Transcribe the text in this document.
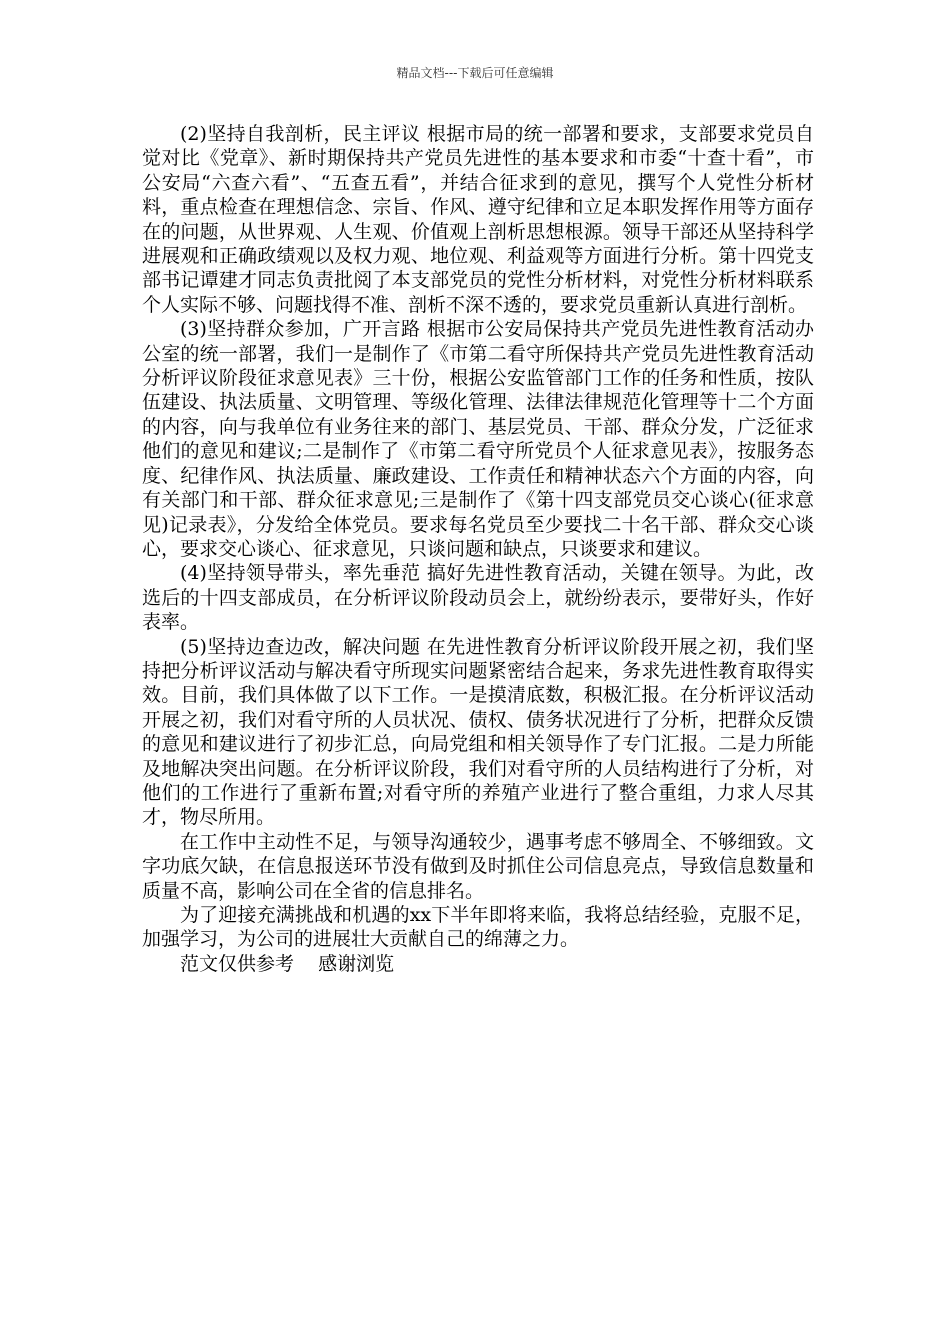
精品文档---下载后可任意编辑

(2)坚持自我剖析，民主评议 根据市局的统一部署和要求，支部要求党员自觉对比《党章》、新时期保持共产党员先进性的基本要求和市委“十查十看”，市公安局“六查六看”、“五查五看”，并结合征求到的意见，撰写个人党性分析材料，重点检查在理想信念、宗旨、作风、遵守纪律和立足本职发挥作用等方面存在的问题，从世界观、人生观、价值观上剖析思想根源。领导干部还从坚持科学进展观和正确政绩观以及权力观、地位观、利益观等方面进行分析。第十四党支部书记谭建才同志负责批阅了本支部党员的党性分析材料，对党性分析材料联系个人实际不够、问题找得不准、剖析不深不透的，要求党员重新认真进行剖析。

(3)坚持群众参加，广开言路 根据市公安局保持共产党员先进性教育活动办公室的统一部署，我们一是制作了《市第二看守所保持共产党员先进性教育活动分析评议阶段征求意见表》三十份，根据公安监管部门工作的任务和性质，按队伍建设、执法质量、文明管理、等级化管理、法律法律规范化管理等十二个方面的内容，向与我单位有业务往来的部门、基层党员、干部、群众分发，广泛征求他们的意见和建议;二是制作了《市第二看守所党员个人征求意见表》，按服务态度、纪律作风、执法质量、廉政建设、工作责任和精神状态六个方面的内容，向有关部门和干部、群众征求意见;三是制作了《第十四支部党员交心谈心(征求意见)记录表》，分发给全体党员。要求每名党员至少要找二十名干部、群众交心谈心，要求交心谈心、征求意见，只谈问题和缺点，只谈要求和建议。

(4)坚持领导带头，率先垂范 搞好先进性教育活动，关键在领导。为此，改选后的十四支部成员，在分析评议阶段动员会上，就纷纷表示，要带好头，作好表率。

(5)坚持边查边改，解决问题 在先进性教育分析评议阶段开展之初，我们坚持把分析评议活动与解决看守所现实问题紧密结合起来，务求先进性教育取得实效。目前，我们具体做了以下工作。一是摸清底数，积极汇报。在分析评议活动开展之初，我们对看守所的人员状况、债权、债务状况进行了分析，把群众反馈的意见和建议进行了初步汇总，向局党组和相关领导作了专门汇报。二是力所能及地解决突出问题。在分析评议阶段，我们对看守所的人员结构进行了分析，对他们的工作进行了重新布置;对看守所的养殖产业进行了整合重组，力求人尽其才，物尽所用。

在工作中主动性不足，与领导沟通较少，遇事考虑不够周全、不够细致。文字功底欠缺，在信息报送环节没有做到及时抓住公司信息亮点，导致信息数量和质量不高，影响公司在全省的信息排名。

为了迎接充满挑战和机遇的xx下半年即将来临，我将总结经验，克服不足，加强学习，为公司的进展壮大贡献自己的绵薄之力。

范文仅供参考    感谢浏览
